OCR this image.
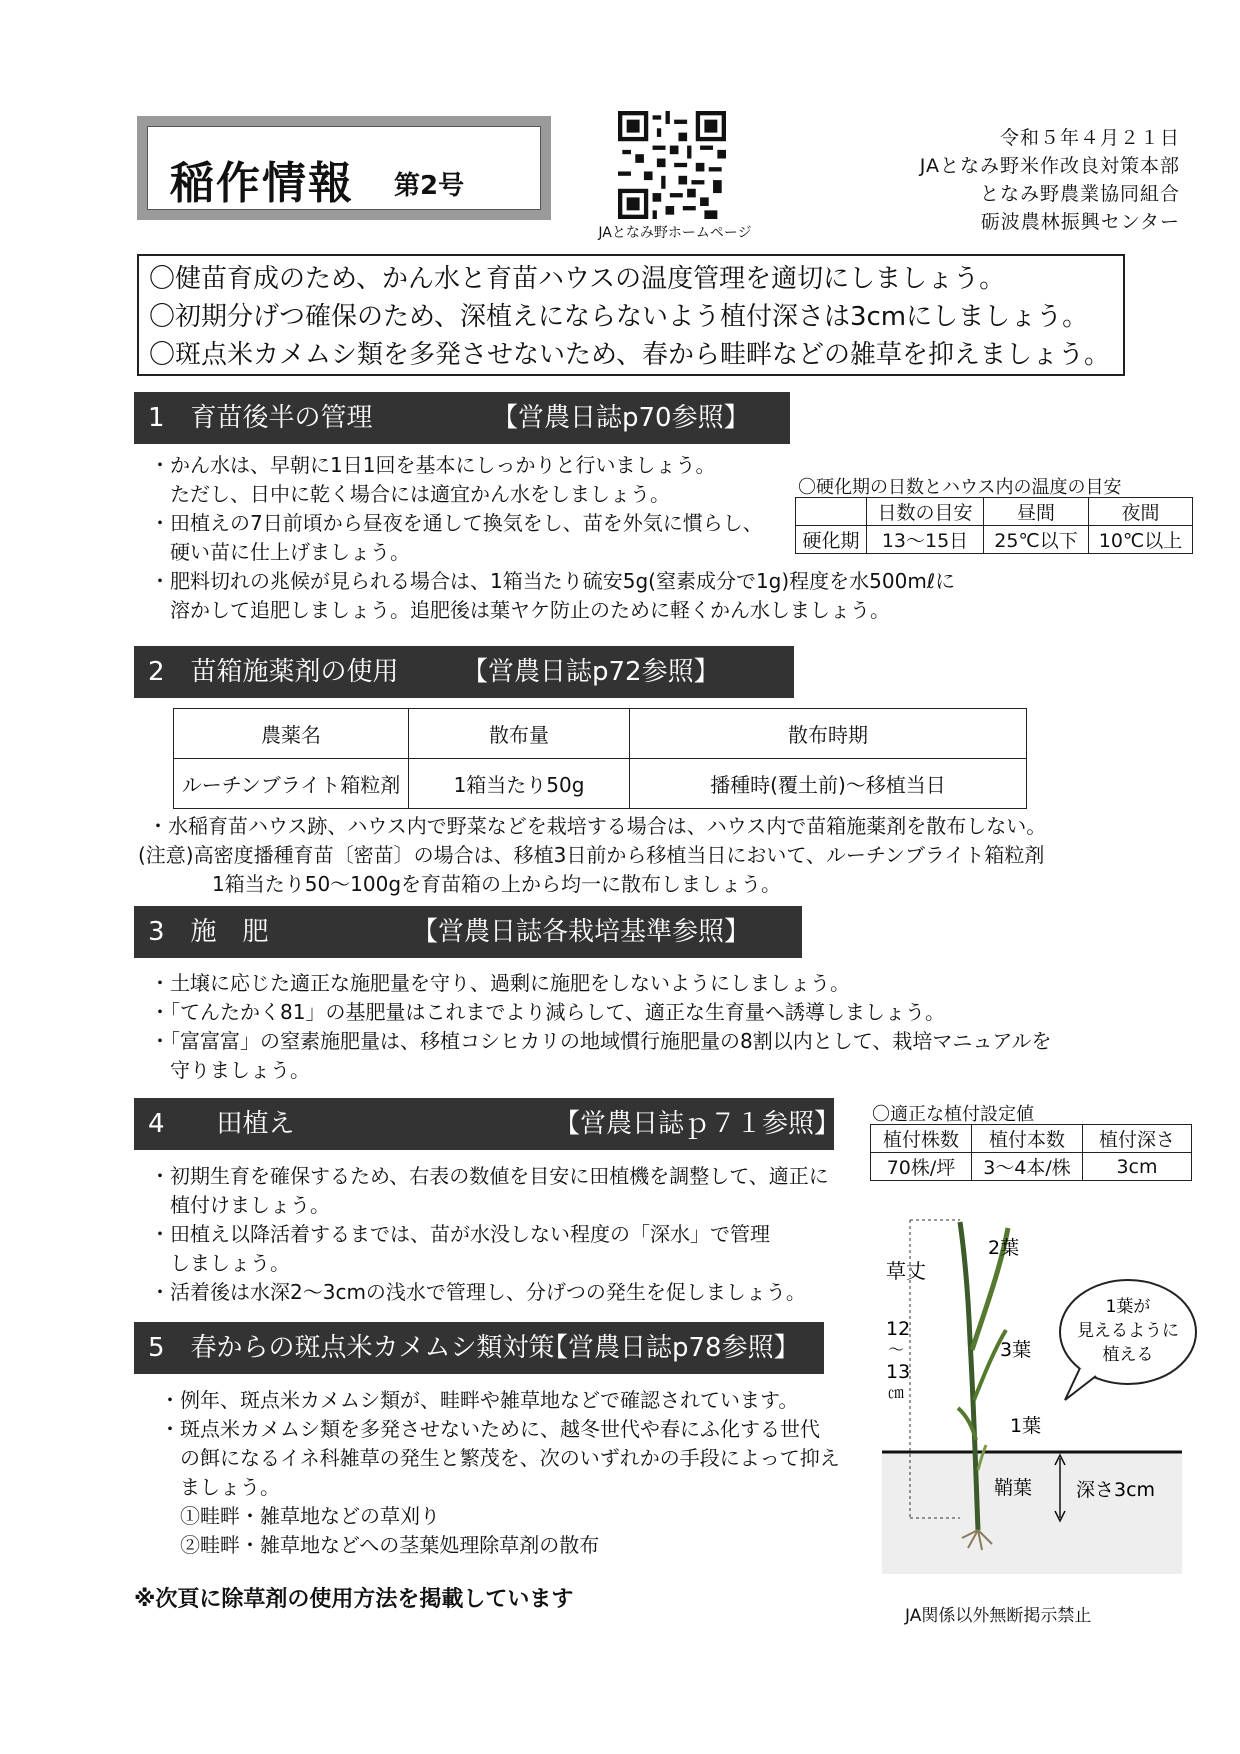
稲作情報 第2号
JAとなみ野ホームページ
令和５年４月２１日
JAとなみ野米作改良対策本部
となみ野農業協同組合
砺波農林振興センター
〇健苗育成のため、かん水と育苗ハウスの温度管理を適切にしましょう。
〇初期分げつ確保のため、深植えにならないよう植付深さは3cmにしましょう。
〇斑点米カメムシ類を多発させないため、春から畦畔などの雑草を抑えましょう。
1　育苗後半の管理	【営農日誌p70参照】
・かん水は、早朝に1日1回を基本にしっかりと行いましょう。
　ただし、日中に乾く場合には適宜かん水をしましょう。
・田植えの7日前頃から昼夜を通して換気をし、苗を外気に慣らし、
　硬い苗に仕上げましょう。
・肥料切れの兆候が見られる場合は、1箱当たり硫安5g(窒素成分で1g)程度を水500mℓに
　溶かして追肥しましょう。追肥後は葉ヤケ防止のために軽くかん水しましょう。
〇硬化期の日数とハウス内の温度の目安
	日数の目安	昼間	夜間
硬化期	13〜15日	25℃以下	10℃以上
2　苗箱施薬剤の使用 【営農日誌p72参照】
農薬名	散布量	散布時期
ルーチンブライト箱粒剤	1箱当たり50g	播種時(覆土前)〜移植当日
・水稲育苗ハウス跡、ハウス内で野菜などを栽培する場合は、ハウス内で苗箱施薬剤を散布しない。
(注意)高密度播種育苗〔密苗〕の場合は、移植3日前から移植当日において、ルーチンブライト箱粒剤
1箱当たり50〜100gを育苗箱の上から均一に散布しましょう。
3　施　肥	【営農日誌各栽培基準参照】
・土壌に応じた適正な施肥量を守り、過剰に施肥をしないようにしましょう。
・「てんたかく81」の基肥量はこれまでより減らして、適正な生育量へ誘導しましょう。
・「富富富」の窒素施肥量は、移植コシヒカリの地域慣行施肥量の8割以内として、栽培マニュアルを
　守りましょう。
4　　田植え	【営農日誌ｐ７１参照】
・初期生育を確保するため、右表の数値を目安に田植機を調整して、適正に
　植付けましょう。
・田植え以降活着するまでは、苗が水没しない程度の「深水」で管理
　しましょう。
・活着後は水深2〜3cmの浅水で管理し、分げつの発生を促しましょう。
〇適正な植付設定値
植付株数	植付本数	植付深さ
70株/坪	3〜4本/株	3cm
5　春からの斑点米カメムシ類対策
【営農日誌p78参照】
・例年、斑点米カメムシ類が、畦畔や雑草地などで確認されています。
・斑点米カメムシ類を多発させないために、越冬世代や春にふ化する世代
　の餌になるイネ科雑草の発生と繁茂を、次のいずれかの手段によって抑え
　ましょう。
　①畦畔・雑草地などの草刈り
　②畦畔・雑草地などへの茎葉処理除草剤の散布
草丈
12
〜
13
㎝
2葉
3葉
1葉
鞘葉 深さ3cm
1葉が
見えるように
植える
※次頁に除草剤の使用方法を掲載しています
JA関係以外無断掲示禁止
